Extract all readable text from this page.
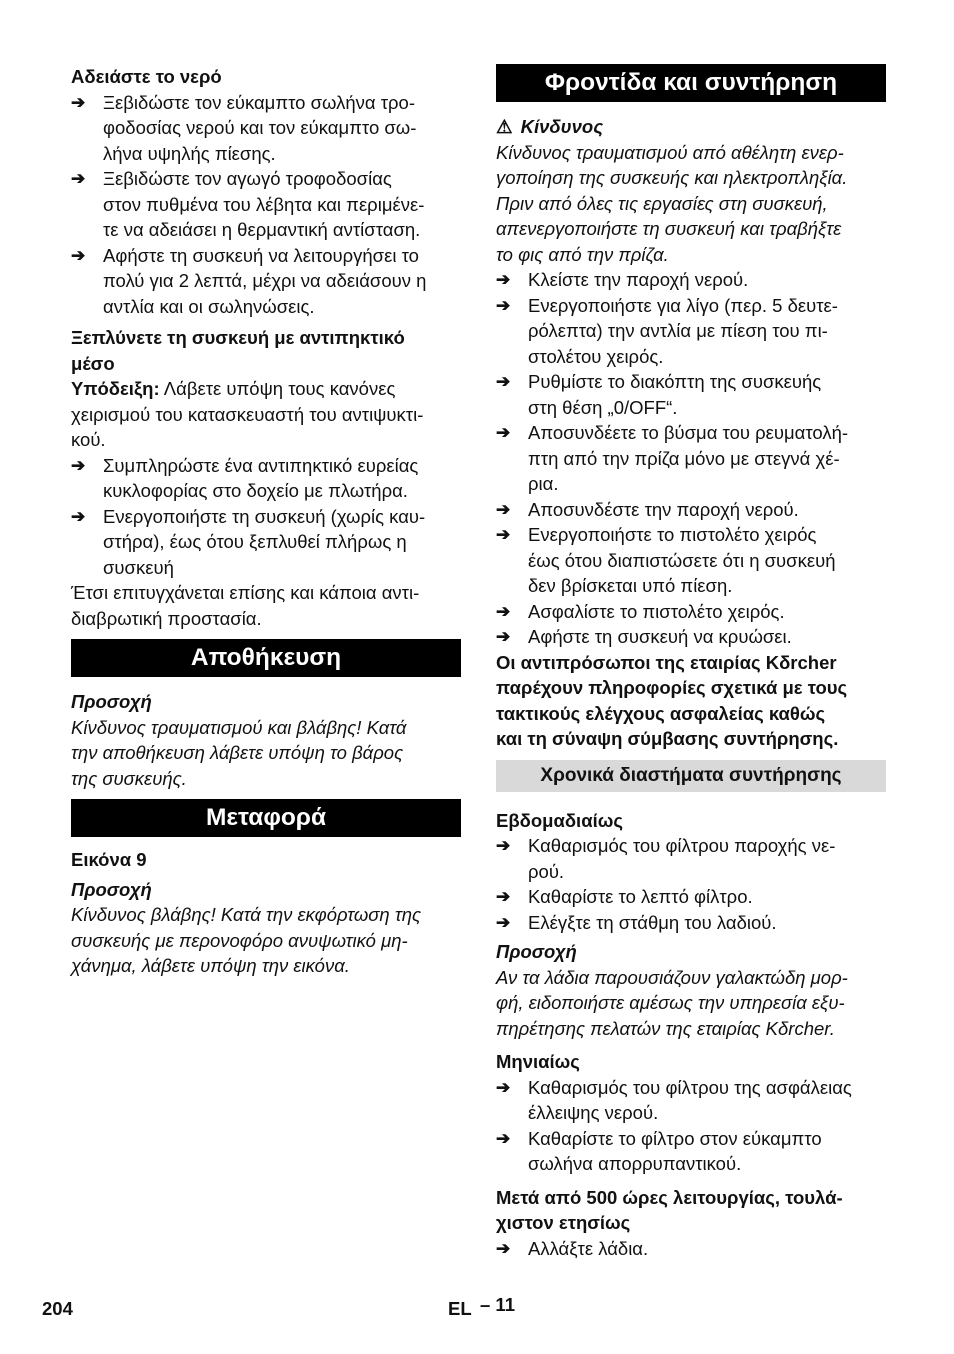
Αδειάστε το νερό
➔ Ξεβιδώστε τον εύκαμπτο σωλήνα τρο-
φοδοσίας νερού και τον εύκαμπτο σω-
λήνα υψηλής πίεσης.
➔ Ξεβιδώστε τον αγωγό τροφοδοσίας
στον πυθμένα του λέβητα και περιμένε-
τε να αδειάσει η θερμαντική αντίσταση.
➔ Αφήστε τη συσκευή να λειτουργήσει το
πολύ για 2 λεπτά, μέχρι να αδειάσουν η
αντλία και οι σωληνώσεις.
Ξεπλύνετε τη συσκευή με αντιπηκτικό
μέσο
Υπόδειξη: Λάβετε υπόψη τους κανόνες
χειρισμού του κατασκευαστή του αντιψυκτι-
κού.
➔ Συμπληρώστε ένα αντιπηκτικό ευρείας
κυκλοφορίας στο δοχείο με πλωτήρα.
➔ Ενεργοποιήστε τη συσκευή (χωρίς καυ-
στήρα), έως ότου ξεπλυθεί πλήρως η
συσκευή
Έτσι επιτυγχάνεται επίσης και κάποια αντι-
διαβρωτική προστασία.
Αποθήκευση
Προσοχή
Κίνδυνος τραυματισμού και βλάβης! Κατά
την αποθήκευση λάβετε υπόψη το βάρος
της συσκευής.
Μεταφορά
Εικόνα 9
Προσοχή
Κίνδυνος βλάβης! Κατά την εκφόρτωση της
συσκευής με περονοφόρο ανυψωτικό μη-
χάνημα, λάβετε υπόψη την εικόνα.
Φροντίδα και συντήρηση
⚠ Κίνδυνος
Κίνδυνος τραυματισμού από αθέλητη ενερ-
γοποίηση της συσκευής και ηλεκτροπληξία.
Πριν από όλες τις εργασίες στη συσκευή,
απενεργοποιήστε τη συσκευή και τραβήξτε
το φις από την πρίζα.
➔ Κλείστε την παροχή νερού.
➔ Ενεργοποιήστε για λίγο (περ. 5 δευτε-
ρόλεπτα) την αντλία με πίεση του πι-
στολέτου χειρός.
➔ Ρυθμίστε το διακόπτη της συσκευής
στη θέση „0/OFF“.
➔ Αποσυνδέετε το βύσμα του ρευματολή-
πτη από την πρίζα μόνο με στεγνά χέ-
ρια.
➔ Αποσυνδέστε την παροχή νερού.
➔ Ενεργοποιήστε το πιστολέτο χειρός
έως ότου διαπιστώσετε ότι η συσκευή
δεν βρίσκεται υπό πίεση.
➔ Ασφαλίστε το πιστολέτο χειρός.
➔ Αφήστε τη συσκευή να κρυώσει.
Οι αντιπρόσωποι της εταιρίας Kδrcher
παρέχουν πληροφορίες σχετικά με τους
τακτικούς ελέγχους ασφαλείας καθώς
και τη σύναψη σύμβασης συντήρησης.
Χρονικά διαστήματα συντήρησης
Εβδομαδιαίως
➔ Καθαρισμός του φίλτρου παροχής νε-
ρού.
➔ Καθαρίστε το λεπτό φίλτρο.
➔ Ελέγξτε τη στάθμη του λαδιού.
Προσοχή
Αν τα λάδια παρουσιάζουν γαλακτώδη μορ-
φή, ειδοποιήστε αμέσως την υπηρεσία εξυ-
πηρέτησης πελατών της εταιρίας Kδrcher.
Μηνιαίως
➔ Καθαρισμός του φίλτρου της ασφάλειας
έλλειψης νερού.
➔ Καθαρίστε το φίλτρο στον εύκαμπτο
σωλήνα απορρυπαντικού.
Μετά από 500 ώρες λειτουργίας, τουλά-
χιστον ετησίως
➔ Αλλάξτε λάδια.
204	EL – 11
